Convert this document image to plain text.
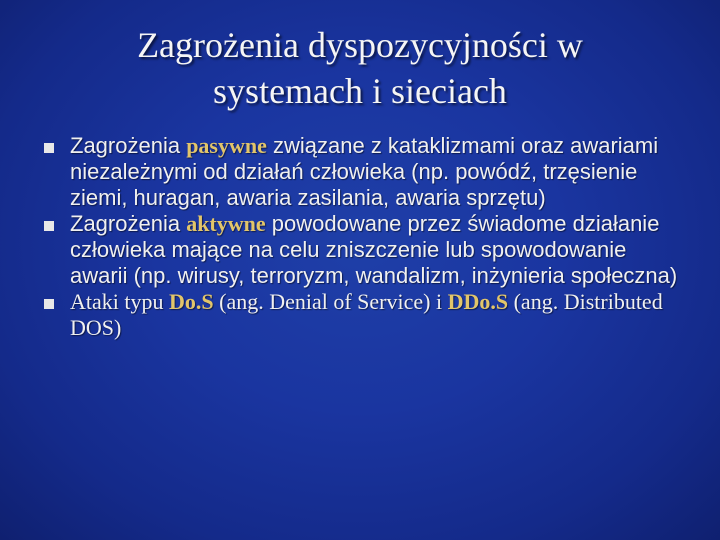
Zagrożenia dyspozycyjności w
systemach i sieciach
Zagrożenia pasywne związane z kataklizmami oraz awariami niezależnymi od działań człowieka (np. powódź, trzęsienie ziemi, huragan, awaria zasilania, awaria sprzętu)
Zagrożenia aktywne powodowane przez świadome działanie człowieka mające na celu zniszczenie lub spowodowanie awarii (np. wirusy, terroryzm, wandalizm, inżynieria społeczna)
Ataki typu Do.S (ang. Denial of Service) i DDo.S (ang. Distributed DOS)
